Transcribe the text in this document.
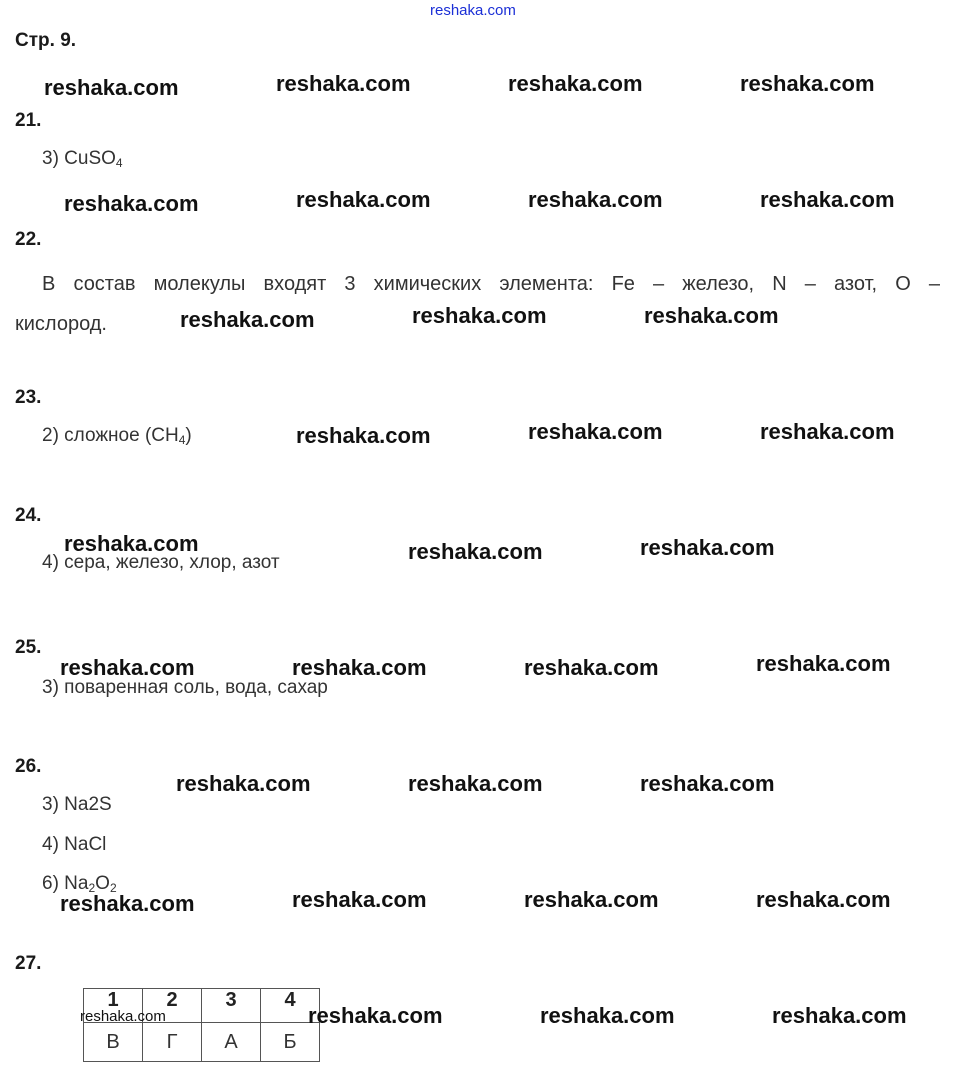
reshaka.com
Стр. 9.
21.
3) CuSO4
22.
В состав молекулы входят 3 химических элемента: Fe – железо, N – азот, O –
кислород.
23.
2) сложное (CH4)
24.
4) сера, железо, хлор, азот
25.
3) поваренная соль, вода, сахар
26.
3) Na2S
4) NaCl
6) Na2O2
27.
1	2	3	4
В	Г	А	Б
reshaka.com
reshaka.com	reshaka.com	reshaka.com	reshaka.com
reshaka.com	reshaka.com	reshaka.com	reshaka.com
reshaka.com	reshaka.com	reshaka.com
reshaka.com	reshaka.com	reshaka.com
reshaka.com	reshaka.com	reshaka.com
reshaka.com	reshaka.com	reshaka.com	reshaka.com
reshaka.com	reshaka.com	reshaka.com
reshaka.com	reshaka.com	reshaka.com	reshaka.com
reshaka.com	reshaka.com	reshaka.com
